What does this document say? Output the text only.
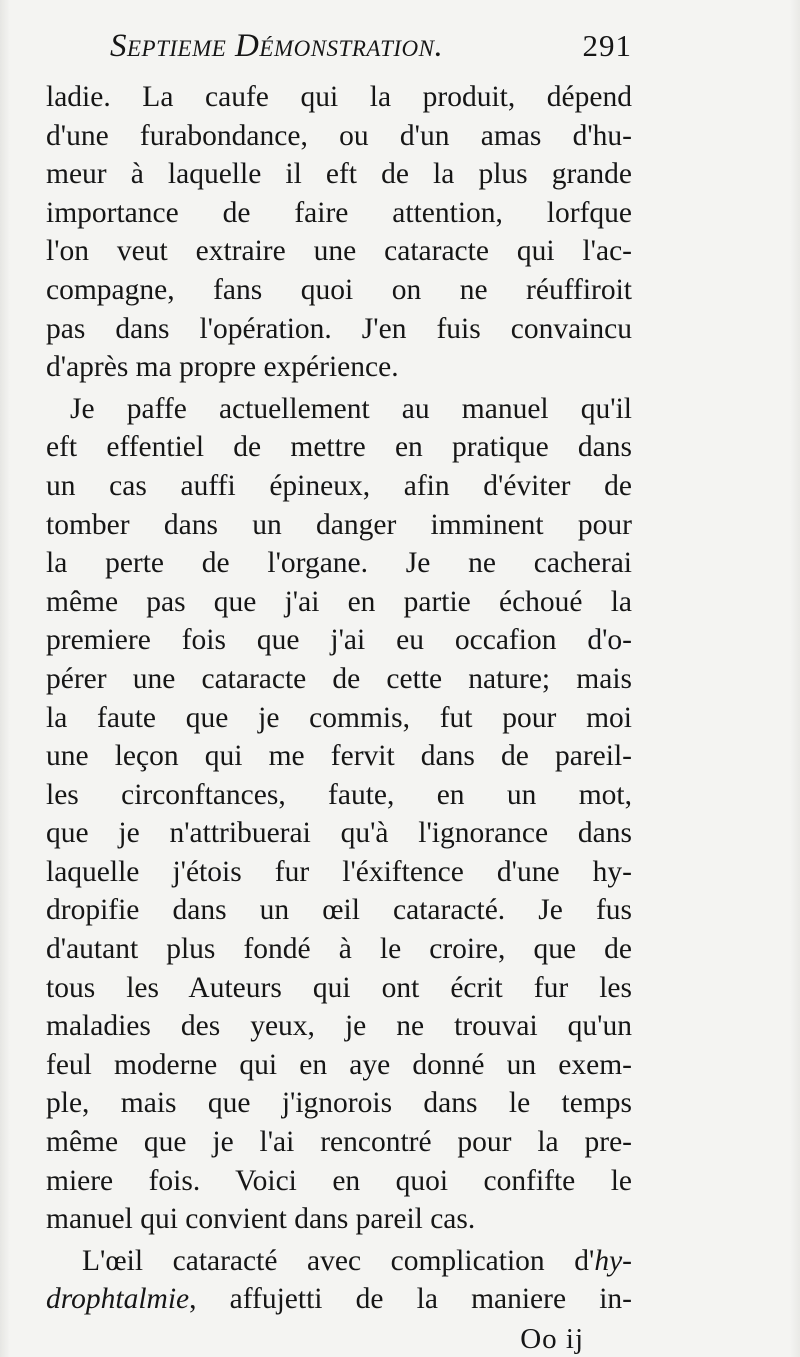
Septieme Démonstration.	291
ladie. La caufe qui la produit, dépend
d'une furabondance, ou d'un amas d'hu-
meur à laquelle il eft de la plus grande
importance de faire attention, lorfque
l'on veut extraire une cataracte qui l'ac-
compagne, fans quoi on ne réuffiroit
pas dans l'opération. J'en fuis convaincu
d'après ma propre expérience.
Je paffe actuellement au manuel qu'il
eft effentiel de mettre en pratique dans
un cas auffi épineux, afin d'éviter de
tomber dans un danger imminent pour
la perte de l'organe. Je ne cacherai
même pas que j'ai en partie échoué la
premiere fois que j'ai eu occafion d'o-
pérer une cataracte de cette nature; mais
la faute que je commis, fut pour moi
une leçon qui me fervit dans de pareil-
les circonftances, faute, en un mot,
que je n'attribuerai qu'à l'ignorance dans
laquelle j'étois fur l'éxiftence d'une hy-
dropifie dans un œil cataracté. Je fus
d'autant plus fondé à le croire, que de
tous les Auteurs qui ont écrit fur les
maladies des yeux, je ne trouvai qu'un
feul moderne qui en aye donné un exem-
ple, mais que j'ignorois dans le temps
même que je l'ai rencontré pour la pre-
miere fois. Voici en quoi confifte le
manuel qui convient dans pareil cas.
L'œil cataracté avec complication d'hy-
drophtalmie, affujetti de la maniere in-
Oo ij
